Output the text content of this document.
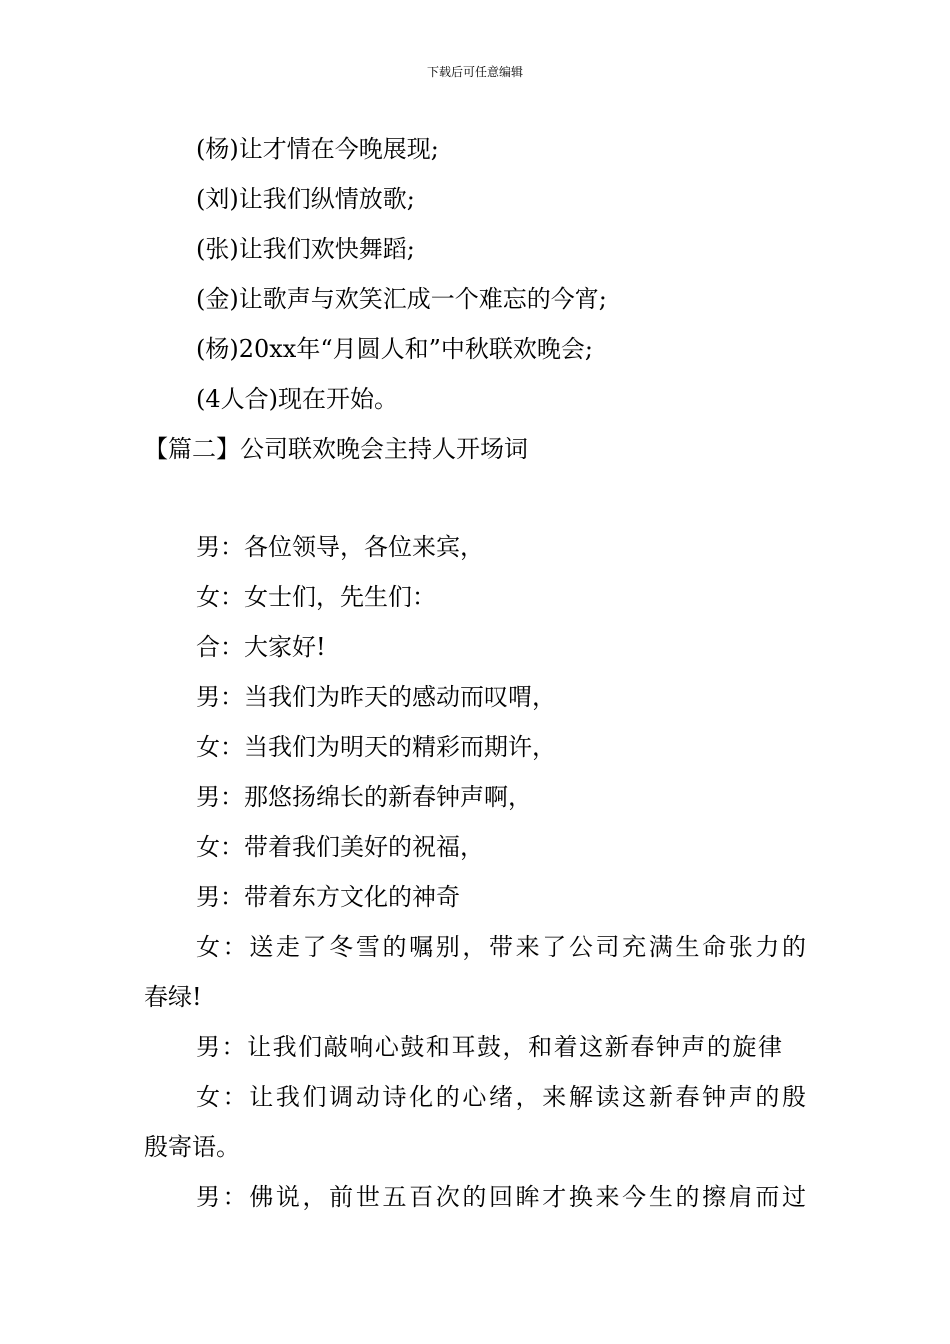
下载后可任意编辑
(杨)让才情在今晚展现;
(刘)让我们纵情放歌;
(张)让我们欢快舞蹈;
(金)让歌声与欢笑汇成一个难忘的今宵;
(杨)20xx年“月圆人和”中秋联欢晚会;
(4人合)现在开始。
【篇二】公司联欢晚会主持人开场词
男：各位领导，各位来宾，
女：女士们，先生们：
合：大家好!
男：当我们为昨天的感动而叹喟，
女：当我们为明天的精彩而期许，
男：那悠扬绵长的新春钟声啊，
女：带着我们美好的祝福，
男：带着东方文化的神奇
女：送走了冬雪的嘱别，带来了公司充满生命张力的
春绿!
男：让我们敲响心鼓和耳鼓，和着这新春钟声的旋律
女：让我们调动诗化的心绪，来解读这新春钟声的殷
殷寄语。
男：佛说，前世五百次的回眸才换来今生的擦肩而过
